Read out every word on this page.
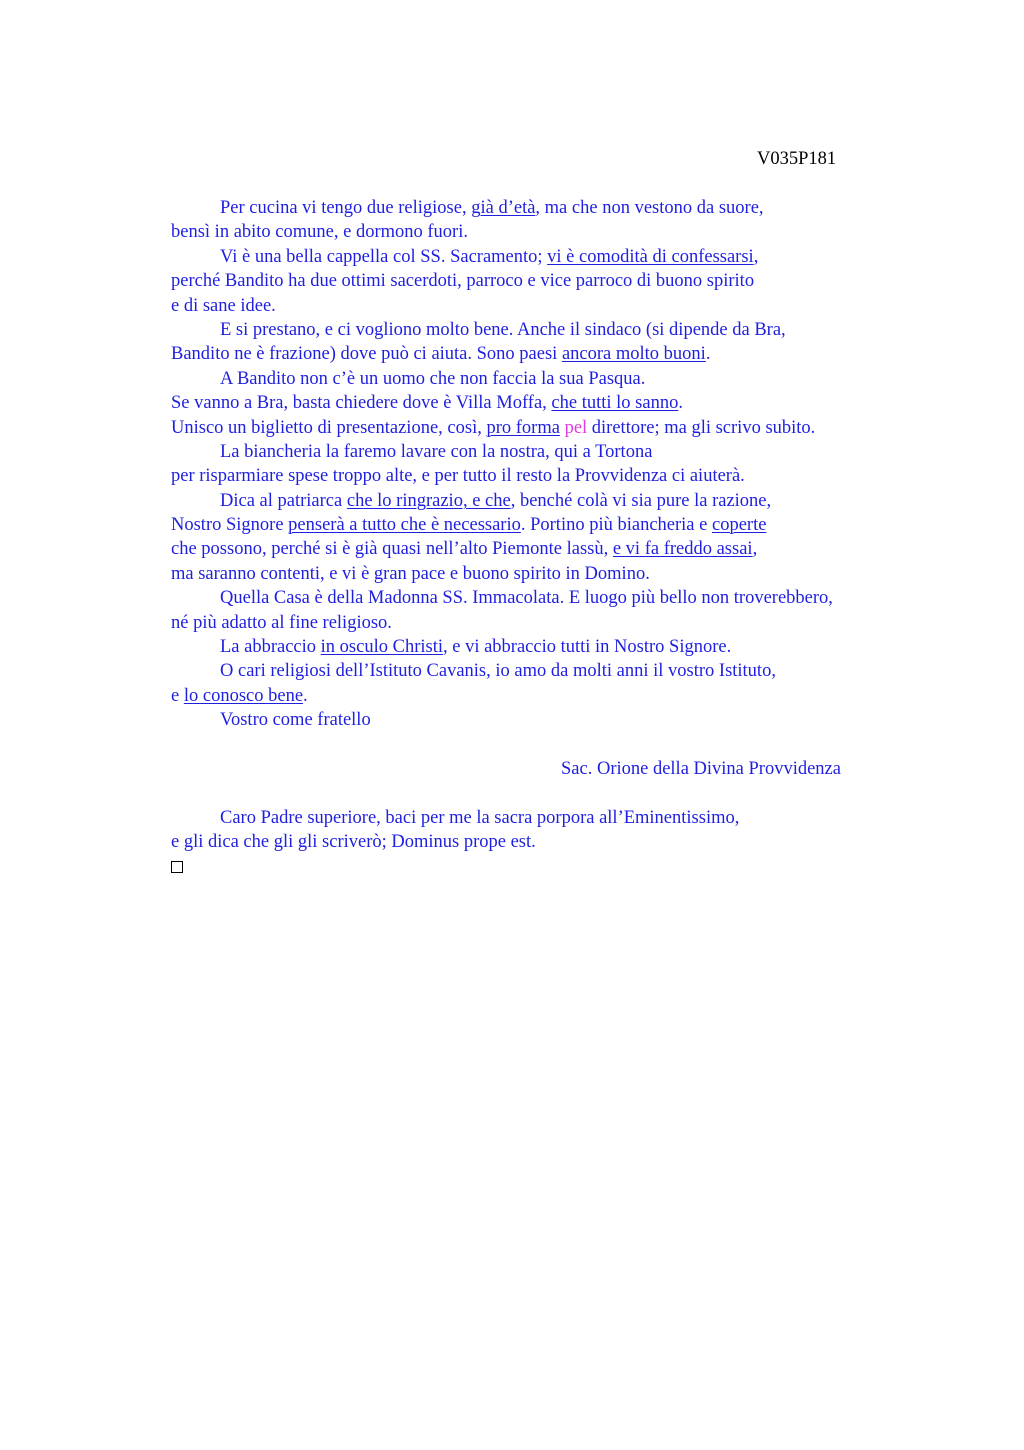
V035P181
Per cucina vi tengo due religiose, già d’età, ma che non vestono da suore,
bensì in abito comune, e dormono fuori.
Vi è una bella cappella col SS. Sacramento; vi è comodità di confessarsi,
perché Bandito ha due ottimi sacerdoti, parroco e vice parroco di buono spirito
e di sane idee.
E si prestano, e ci vogliono molto bene. Anche il sindaco (si dipende da Bra,
Bandito ne è frazione) dove può ci aiuta. Sono paesi ancora molto buoni.
A Bandito non c’è un uomo che non faccia la sua Pasqua.
Se vanno a Bra, basta chiedere dove è Villa Moffa, che tutti lo sanno.
Unisco un biglietto di presentazione, così, pro forma pel direttore; ma gli scrivo subito.
La biancheria la faremo lavare con la nostra, qui a Tortona
per risparmiare spese troppo alte, e per tutto il resto la Provvidenza ci aiuterà.
Dica al patriarca che lo ringrazio, e che, benché colà vi sia pure la razione,
Nostro Signore penserà a tutto che è necessario. Portino più biancheria e coperte
che possono, perché si è già quasi nell’alto Piemonte lassù, e vi fa freddo assai,
ma saranno contenti, e vi è gran pace e buono spirito in Domino.
Quella Casa è della Madonna SS. Immacolata. E luogo più bello non troverebbero,
né più adatto al fine religioso.
La abbraccio in osculo Christi, e vi abbraccio tutti in Nostro Signore.
O cari religiosi dell’Istituto Cavanis, io amo da molti anni il vostro Istituto,
e lo conosco bene.
Vostro come fratello
Sac. Orione della Divina Provvidenza
Caro Padre superiore, baci per me la sacra porpora all’Eminentissimo,
e gli dica che gli gli scriverò; Dominus prope est.
